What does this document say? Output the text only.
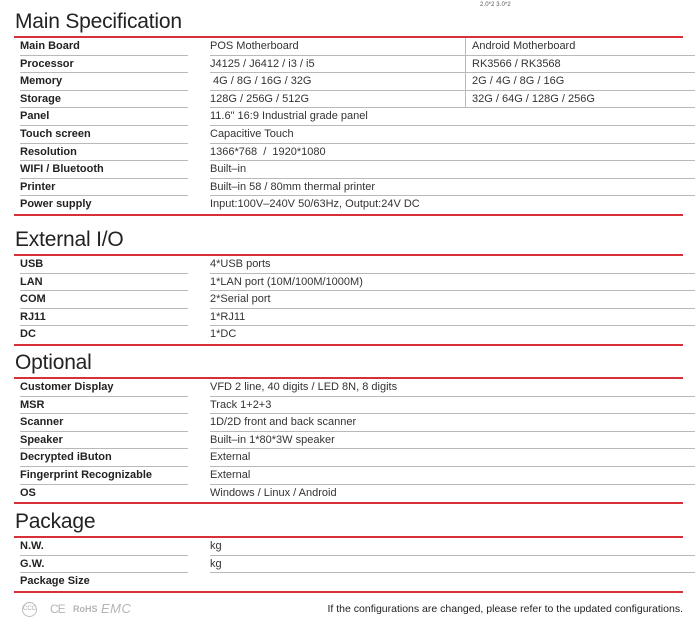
2.0*2 3.0*2
Main Specification
Main Board	POS Motherboard	Android Motherboard
Processor	J4125 / J6412 / i3 / i5	RK3566 / RK3568
Memory	4G / 8G / 16G / 32G	2G / 4G / 8G / 16G
Storage	128G / 256G / 512G	32G / 64G / 128G / 256G
Panel	11.6" 16:9 Industrial grade panel
Touch screen	Capacitive Touch
Resolution	1366*768  /  1920*1080
WIFI / Bluetooth	Built–in
Printer	Built–in 58 / 80mm thermal printer
Power supply	Input:100V–240V 50/63Hz, Output:24V DC
External I/O
USB	4*USB ports
LAN	1*LAN port (10M/100M/1000M)
COM	2*Serial port
RJ11	1*RJ11
DC	1*DC
Optional
Customer Display	VFD 2 line, 40 digits / LED 8N, 8 digits
MSR	Track 1+2+3
Scanner	1D/2D front and back scanner
Speaker	Built–in 1*80*3W speaker
Decrypted iButon	External
Fingerprint Recognizable	External
OS	Windows / Linux / Android
Package
N.W.	kg
G.W.	kg
Package Size
CCC CE RoHS EMC	If the configurations are changed, please refer to the updated configurations.
